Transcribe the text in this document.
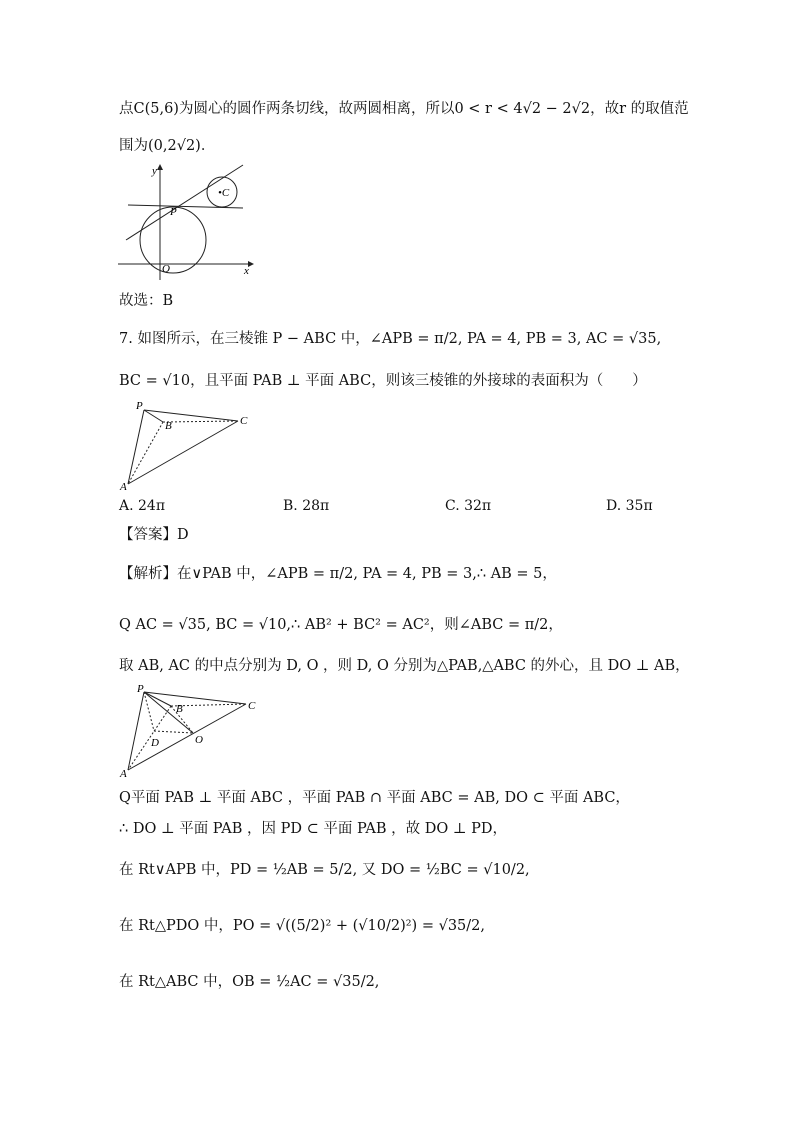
点C(5,6)为圆心的圆作两条切线，故两圆相离，所以0 < r < 4√2 − 2√2，故r 的取值范
围为(0,2√2)．
y
x
P
O
•C
故选：B
7. 如图所示，在三棱锥 P − ABC 中，∠APB = π/2, PA = 4, PB = 3, AC = √35,
BC = √10，且平面 PAB ⊥ 平面 ABC，则该三棱锥的外接球的表面积为（　　）
P
B	C
A
A. 24π	B. 28π	C. 32π	D. 35π
【答案】D
【解析】在∨PAB 中，∠APB = π/2, PA = 4, PB = 3,∴ AB = 5，
Q AC = √35, BC = √10,∴ AB² + BC² = AC²，则∠ABC = π/2，
取 AB, AC 的中点分别为 D, O ，则 D, O 分别为△PAB,△ABC 的外心，且 DO ⊥ AB，
P
B	C
D	O
A
Q平面 PAB ⊥ 平面 ABC ，平面 PAB ∩ 平面 ABC = AB, DO ⊂ 平面 ABC，
∴ DO ⊥ 平面 PAB ，因 PD ⊂ 平面 PAB ，故 DO ⊥ PD，
在 Rt∨APB 中，PD = ½AB = 5/2, 又 DO = ½BC = √10/2,
在 Rt△PDO 中，PO = √((5/2)² + (√10/2)²) = √35/2,
在 Rt△ABC 中，OB = ½AC = √35/2,
